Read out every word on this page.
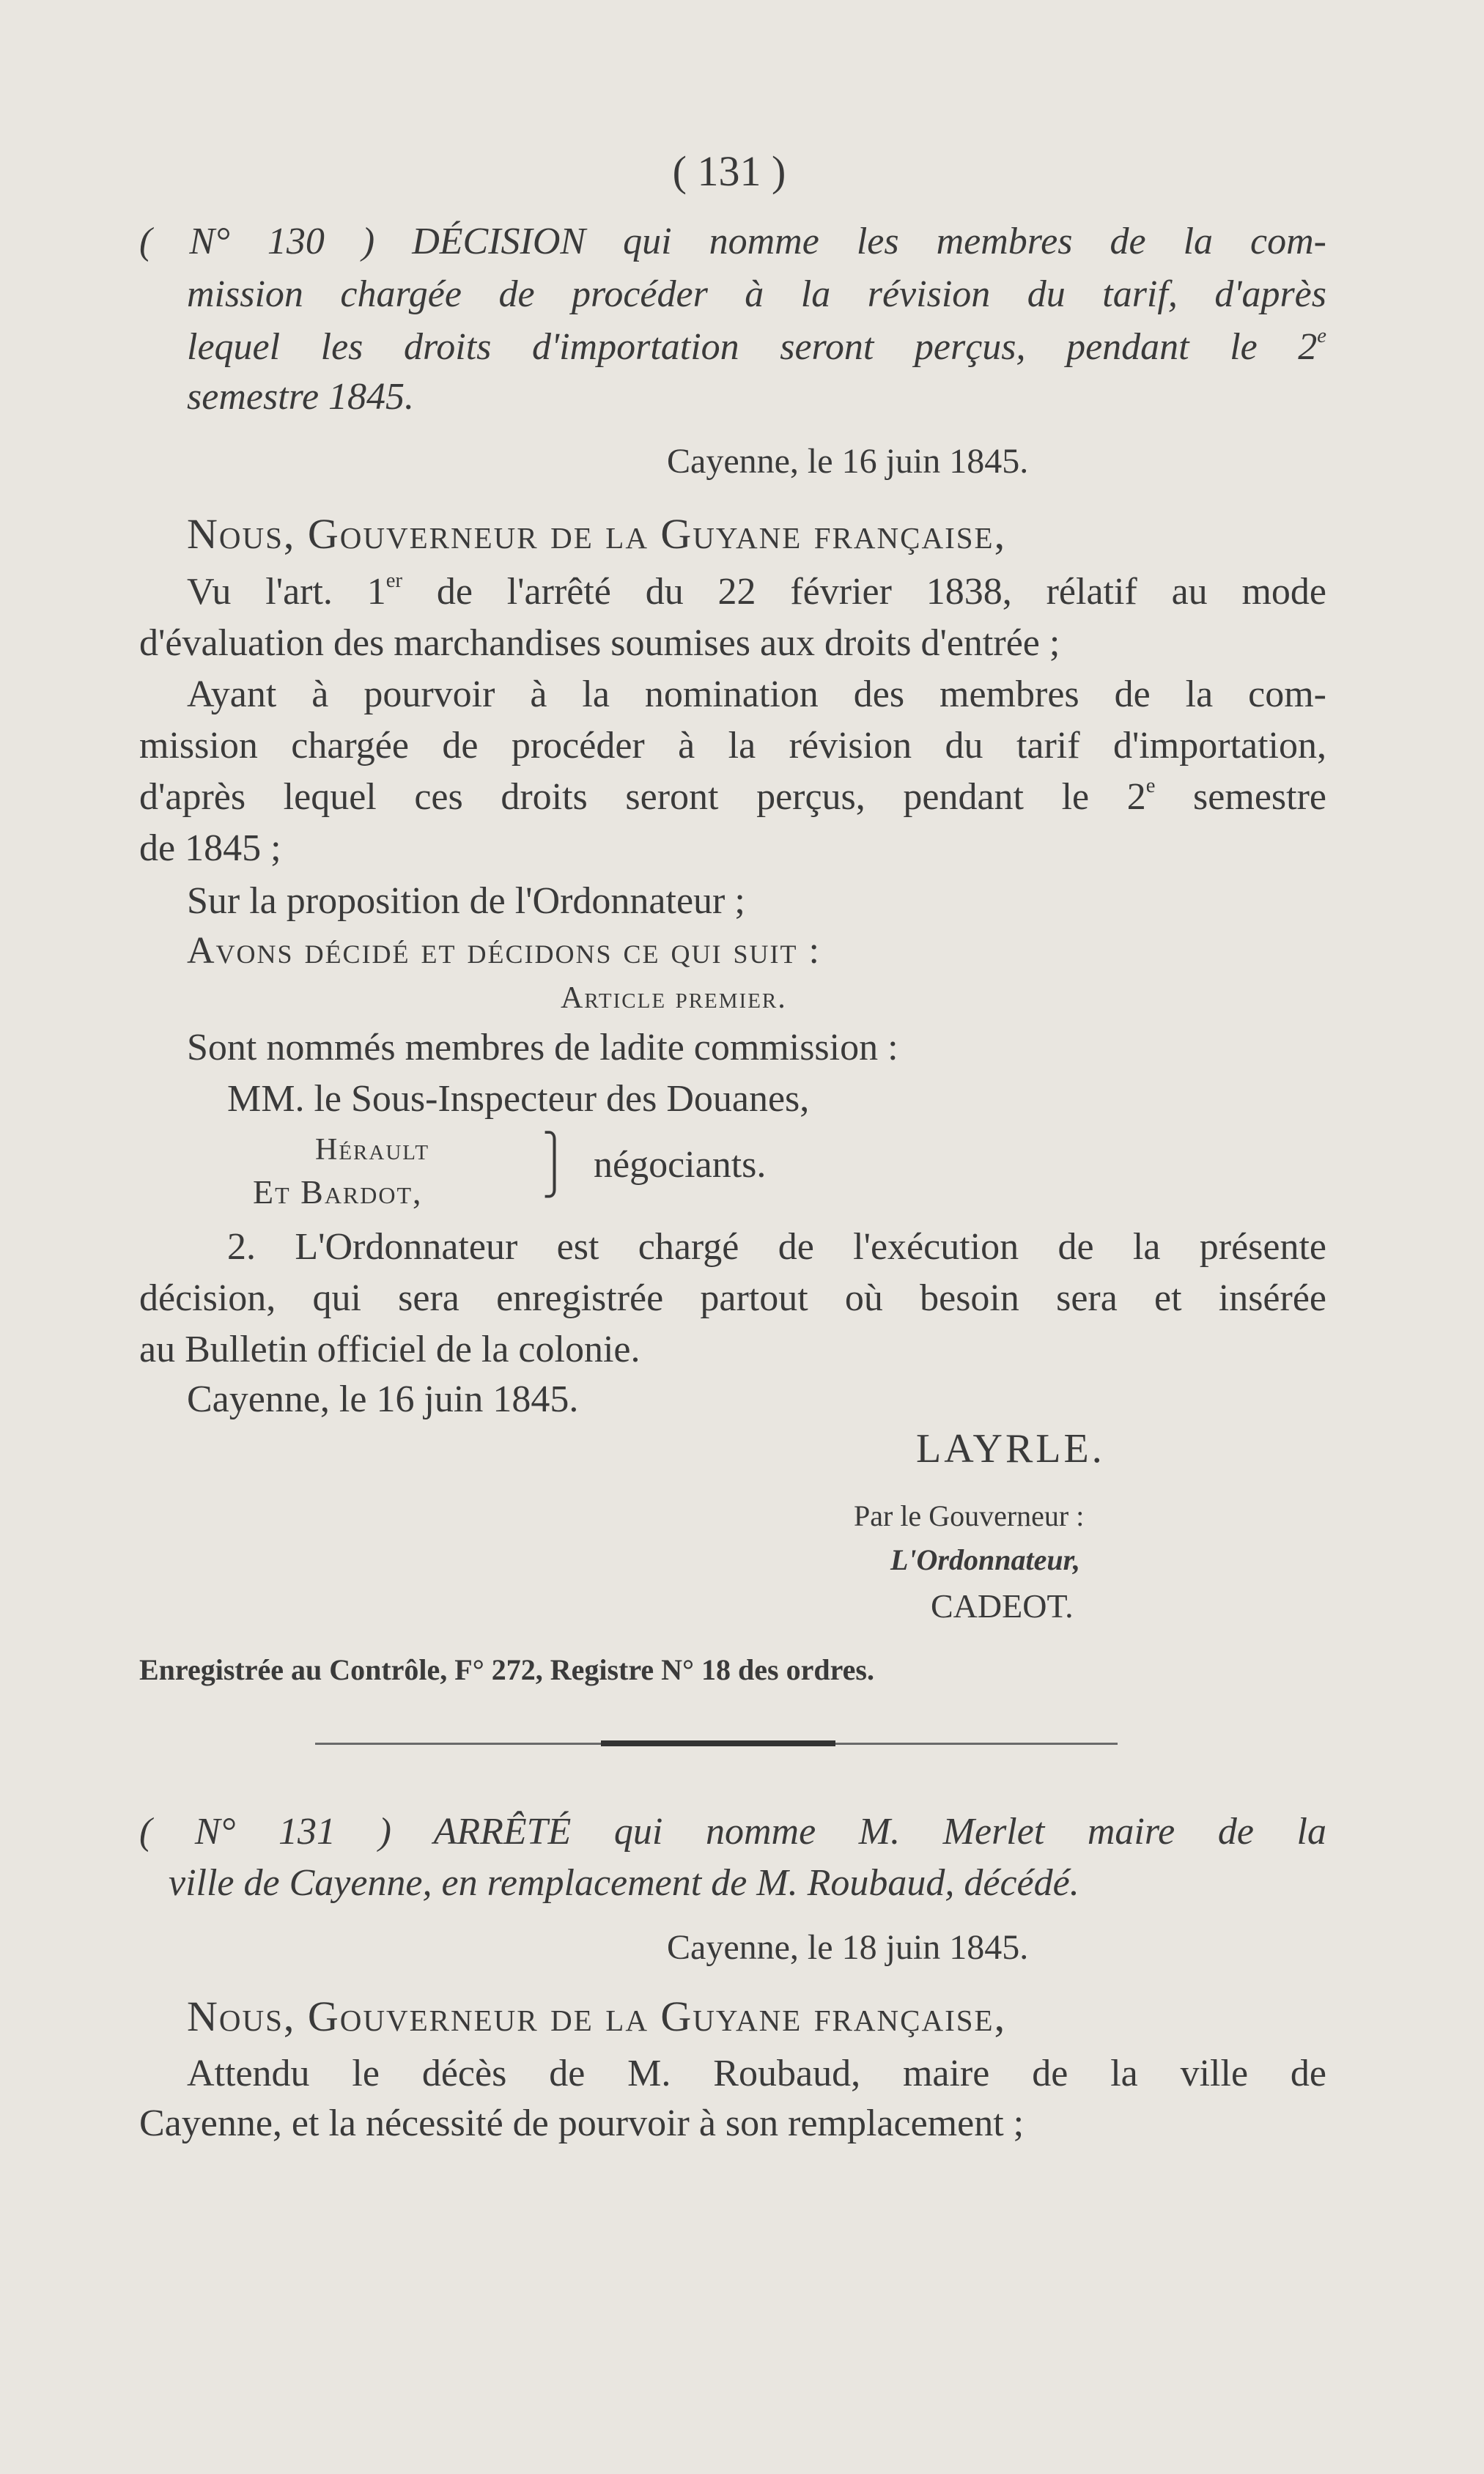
( 131 )
( N° 130 ) DÉCISION qui nomme les membres de la com-
mission chargée de procéder à la révision du tarif, d'après
lequel les droits d'importation seront perçus, pendant le 2e
semestre 1845.
Cayenne, le 16 juin 1845.
Nous, Gouverneur de la Guyane française,
Vu l'art. 1er de l'arrêté du 22 février 1838, rélatif au mode
d'évaluation des marchandises soumises aux droits d'entrée ;
Ayant à pourvoir à la nomination des membres de la com-
mission chargée de procéder à la révision du tarif d'importation,
d'après lequel ces droits seront perçus, pendant le 2e semestre
de 1845 ;
Sur la proposition de l'Ordonnateur ;
Avons décidé et décidons ce qui suit :
Article premier.
Sont nommés membres de ladite commission :
MM. le Sous-Inspecteur des Douanes,
Hérault
Et Bardot,
⎫
⎭ négociants.
2. L'Ordonnateur est chargé de l'exécution de la présente
décision, qui sera enregistrée partout où besoin sera et insérée
au Bulletin officiel de la colonie.
Cayenne, le 16 juin 1845.
LAYRLE.
Par le Gouverneur :
L'Ordonnateur,
CADEOT.
Enregistrée au Contrôle, F° 272, Registre N° 18 des ordres.
( N° 131 ) ARRÊTÉ qui nomme M. Merlet maire de la
ville de Cayenne, en remplacement de M. Roubaud, décédé.
Cayenne, le 18 juin 1845.
Nous, Gouverneur de la Guyane française,
Attendu le décès de M. Roubaud, maire de la ville de
Cayenne, et la nécessité de pourvoir à son remplacement ;
